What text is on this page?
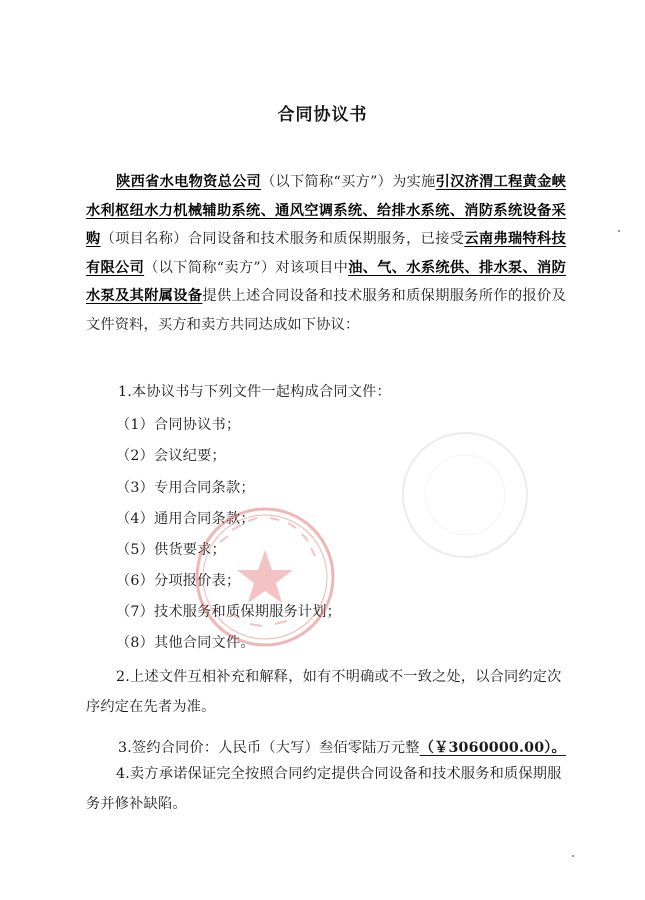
合同协议书

陕西省水电物资总公司（以下简称“买方”）为实施引汉济渭工程黄金峡水利枢纽水力机械辅助系统、通风空调系统、给排水系统、消防系统设备采购（项目名称）合同设备和技术服务和质保期服务，已接受云南弗瑞特科技有限公司（以下简称“卖方”）对该项目中油、气、水系统供、排水泵、消防水泵及其附属设备提供上述合同设备和技术服务和质保期服务所作的报价及文件资料，买方和卖方共同达成如下协议：

1.本协议书与下列文件一起构成合同文件：
（1）合同协议书；
（2）会议纪要；
（3）专用合同条款；
（4）通用合同条款；
（5）供货要求；
（6）分项报价表；
（7）技术服务和质保期服务计划；
（8）其他合同文件。

2.上述文件互相补充和解释，如有不明确或不一致之处，以合同约定次序约定在先者为准。

3.签约合同价：人民币（大写）叁佰零陆万元整（￥3060000.00）。

4.卖方承诺保证完全按照合同约定提供合同设备和技术服务和质保期服务并修补缺陷。
